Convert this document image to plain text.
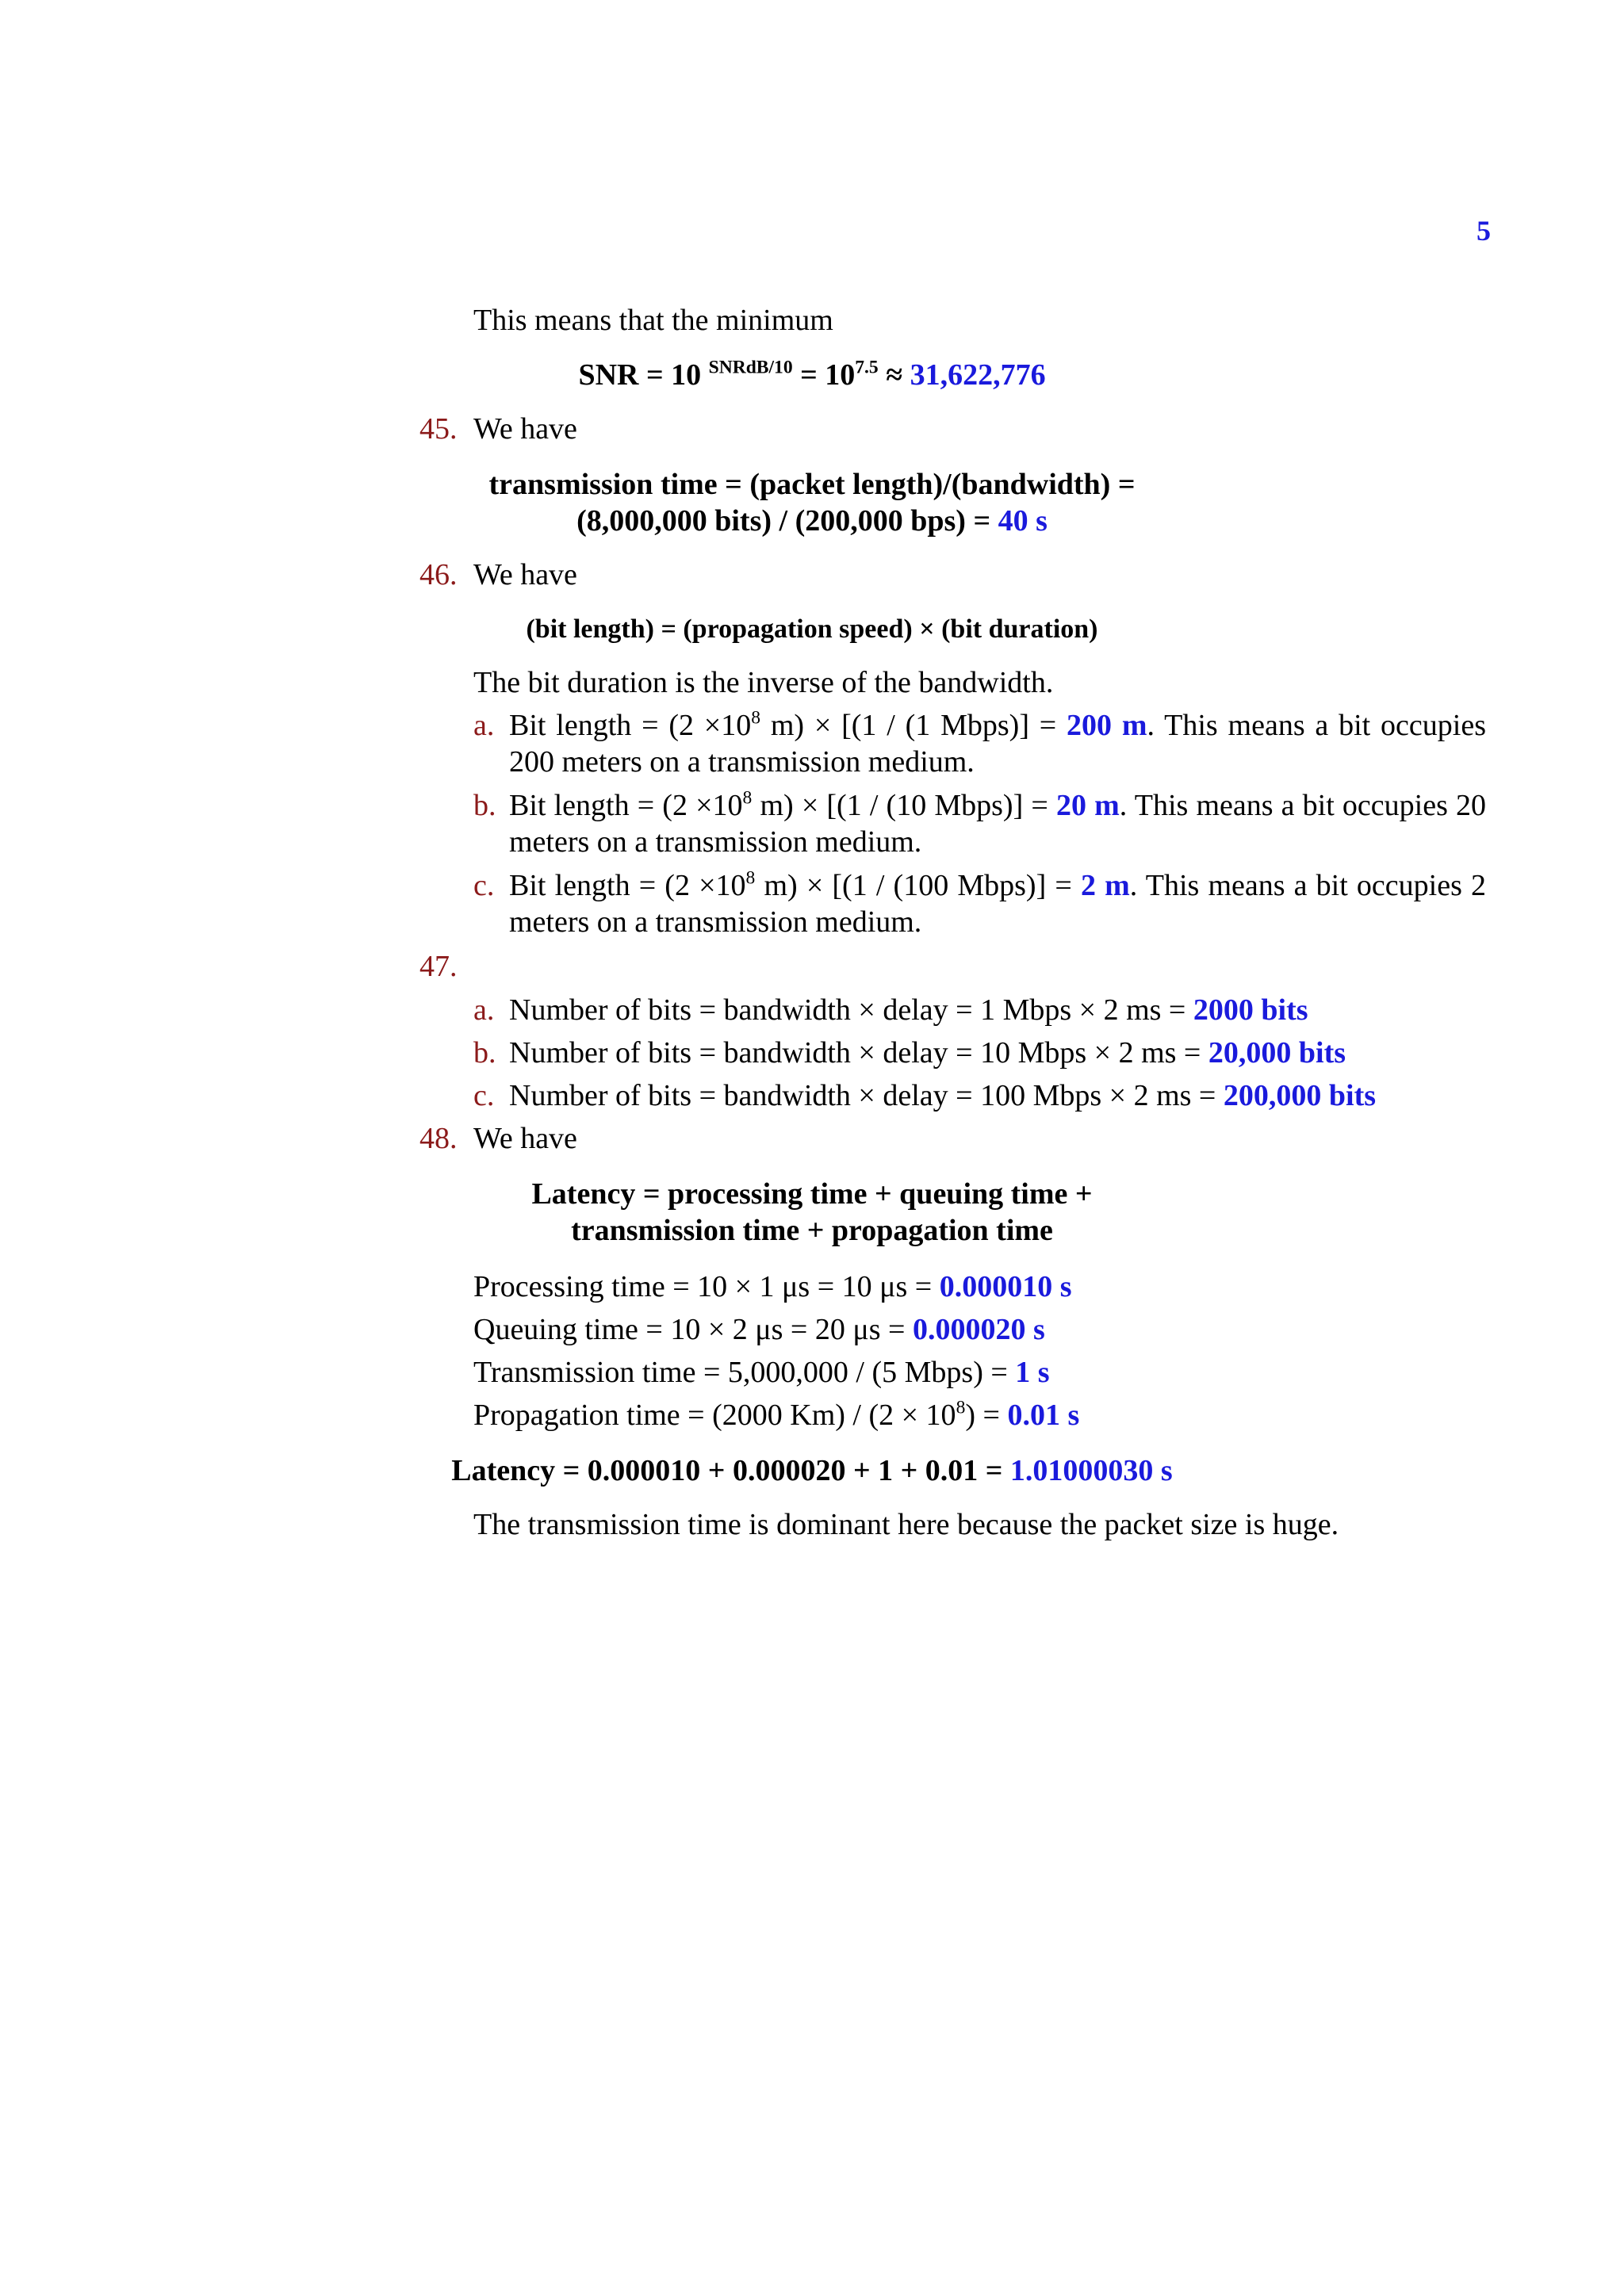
5
This means that the minimum
SNR = 10 $^{SNRdB/10} = 10^{7.5} \approx 31,622,776$
45. We have
transmission time = (packet length)/(bandwidth) =
(8,000,000 bits) / (200,000 bps) = 40 s
46. We have
(bit length) = (propagation speed) × (bit duration)
The bit duration is the inverse of the bandwidth.
a. Bit length = ($2 \times 10^8$ m) × [(1 / (1 Mbps)] = 200 m. This means a bit occupies
200 meters on a transmission medium.
b. Bit length = ($2 \times 10^8$ m) × [(1 / (10 Mbps)] = 20 m. This means a bit occupies 20
meters on a transmission medium.
c. Bit length = ($2 \times 10^8$ m) × [(1 / (100 Mbps)] = 2 m. This means a bit occupies 2
meters on a transmission medium.
47.
a. Number of bits = bandwidth × delay = 1 Mbps × 2 ms = 2000 bits
b. Number of bits = bandwidth × delay = 10 Mbps × 2 ms = 20,000 bits
c. Number of bits = bandwidth × delay = 100 Mbps × 2 ms = 200,000 bits
48. We have
Latency = processing time + queuing time +
transmission time + propagation time
Processing time = 10 × 1 μs = 10 μs = 0.000010 s
Queuing time = 10 × 2 μs = 20 μs = 0.000020 s
Transmission time = 5,000,000 / (5 Mbps) = 1 s
Propagation time = (2000 $Km) / (2 \times 10^8) = 0.01$ s
Latency = 0.000010 + 0.000020 + 1 + 0.01 = 1.01000030 s
The transmission time is dominant here because the packet size is huge.
